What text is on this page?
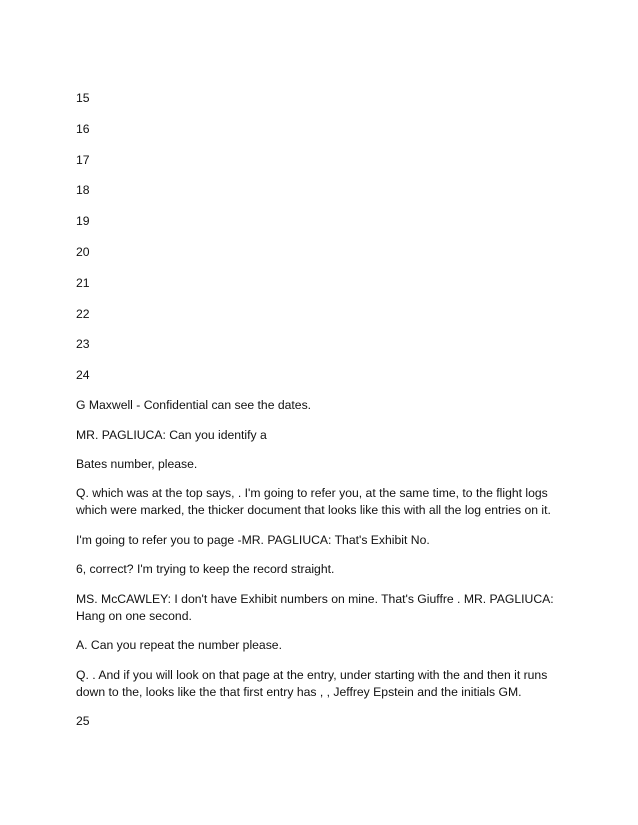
15

16

17

18

19

20

21

22

23

24

G Maxwell - Confidential can see the dates.

MR. PAGLIUCA: Can you identify a

Bates number, please.

Q. which was at the top says, . I'm going to refer you, at the same time, to the flight logs which were marked, the thicker document that looks like this with all the log entries on it.

I'm going to refer you to page -MR. PAGLIUCA: That's Exhibit No.

6, correct? I'm trying to keep the record straight.

MS. McCAWLEY: I don't have Exhibit numbers on mine. That's Giuffre . MR. PAGLIUCA: Hang on one second.

A. Can you repeat the number please.

Q. . And if you will look on that page at the entry, under starting with the and then it runs down to the, looks like the that first entry has , , Jeffrey Epstein and the initials GM.

25
